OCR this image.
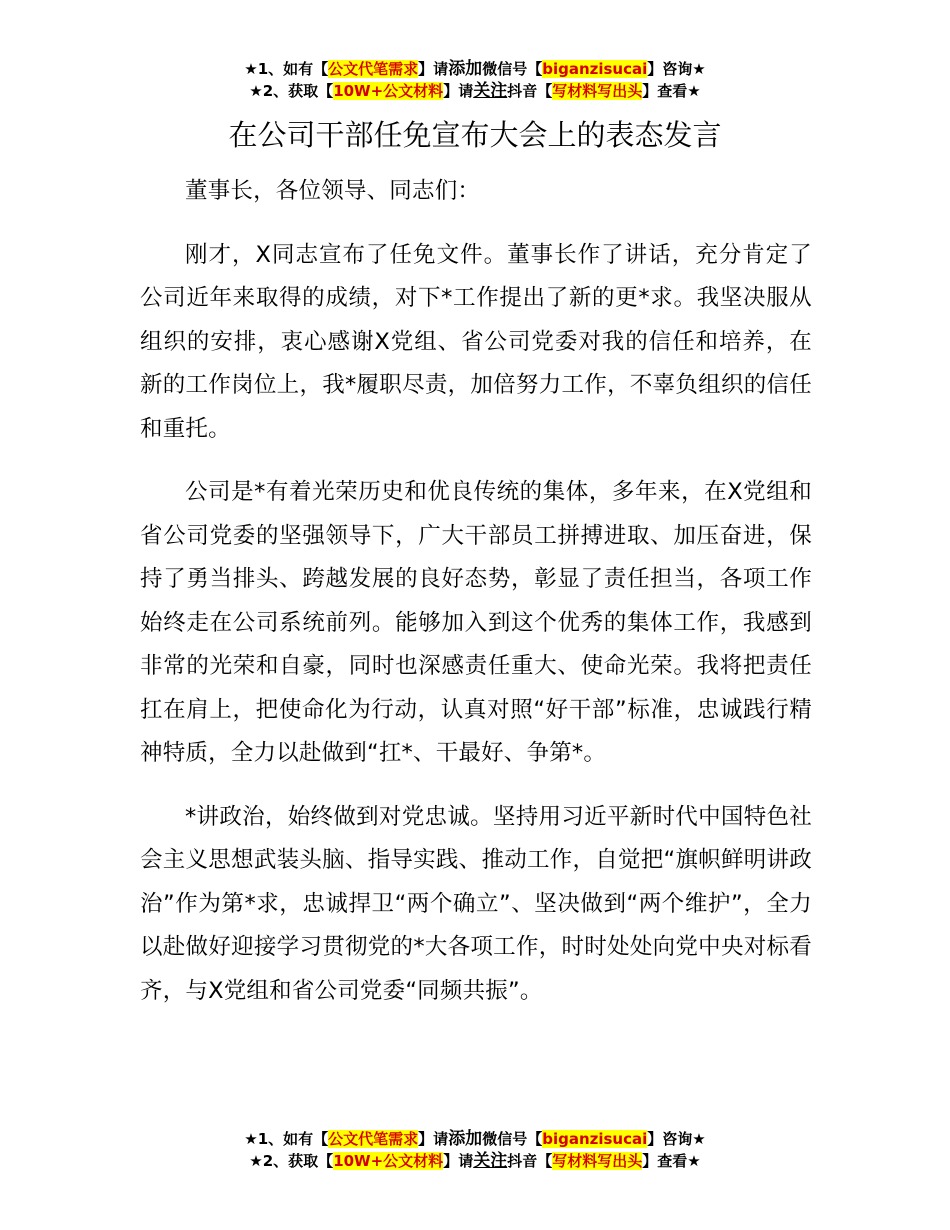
★1、如有【公文代笔需求】请添加微信号【biganzisucai】咨询★
★2、获取【10W+公文材料】请关注抖音【写材料写出头】查看★
在公司干部任免宣布大会上的表态发言

董事长，各位领导、同志们：

刚才，X同志宣布了任免文件。董事长作了讲话，充分肯定了公司近年来取得的成绩，对下*工作提出了新的更*求。我坚决服从组织的安排，衷心感谢X党组、省公司党委对我的信任和培养，在新的工作岗位上，我*履职尽责，加倍努力工作，不辜负组织的信任和重托。

公司是*有着光荣历史和优良传统的集体，多年来，在X党组和省公司党委的坚强领导下，广大干部员工拼搏进取、加压奋进，保持了勇当排头、跨越发展的良好态势，彰显了责任担当，各项工作始终走在公司系统前列。能够加入到这个优秀的集体工作，我感到非常的光荣和自豪，同时也深感责任重大、使命光荣。我将把责任扛在肩上，把使命化为行动，认真对照“好干部”标准，忠诚践行精神特质，全力以赴做到“扛*、干最好、争第*。

*讲政治，始终做到对党忠诚。坚持用习近平新时代中国特色社会主义思想武装头脑、指导实践、推动工作，自觉把“旗帜鲜明讲政治”作为第*求，忠诚捍卫“两个确立”、坚决做到“两个维护”，全力以赴做好迎接学习贯彻党的*大各项工作，时时处处向党中央对标看齐，与X党组和省公司党委“同频共振”。

★1、如有【公文代笔需求】请添加微信号【biganzisucai】咨询★
★2、获取【10W+公文材料】请关注抖音【写材料写出头】查看★
